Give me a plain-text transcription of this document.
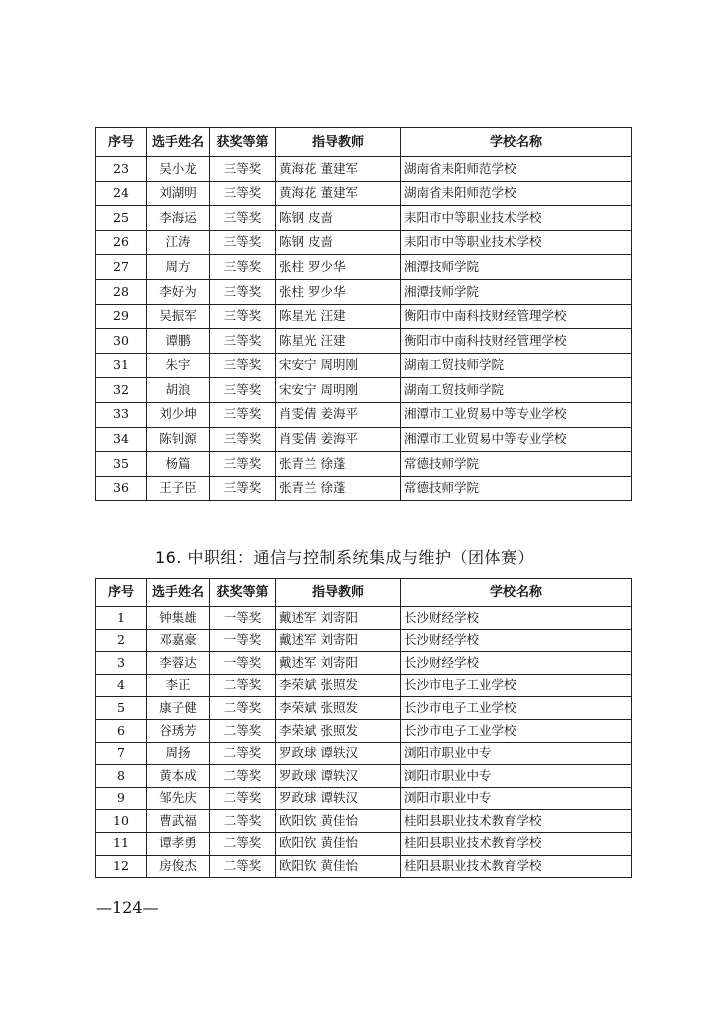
序号	选手姓名	获奖等第	指导教师	学校名称
23	吴小龙	三等奖	黄海花 董建军	湖南省耒阳师范学校
24	刘湖明	三等奖	黄海花 董建军	湖南省耒阳师范学校
25	李海运	三等奖	陈钢 皮啬	耒阳市中等职业技术学校
26	江涛	三等奖	陈钢 皮啬	耒阳市中等职业技术学校
27	周方	三等奖	张柱 罗少华	湘潭技师学院
28	李好为	三等奖	张柱 罗少华	湘潭技师学院
29	吴振军	三等奖	陈星光 汪建	衡阳市中南科技财经管理学校
30	谭鹏	三等奖	陈星光 汪建	衡阳市中南科技财经管理学校
31	朱宇	三等奖	宋安宁 周明刚	湖南工贸技师学院
32	胡浪	三等奖	宋安宁 周明刚	湖南工贸技师学院
33	刘少坤	三等奖	肖雯倩 姜海平	湘潭市工业贸易中等专业学校
34	陈钊源	三等奖	肖雯倩 姜海平	湘潭市工业贸易中等专业学校
35	杨篇	三等奖	张青兰 徐蓬	常德技师学院
36	王子臣	三等奖	张青兰 徐蓬	常德技师学院
16. 中职组：通信与控制系统集成与维护（团体赛）
序号	选手姓名	获奖等第	指导教师	学校名称
1	钟集雄	一等奖	戴述军 刘寄阳	长沙财经学校
2	邓嘉豪	一等奖	戴述军 刘寄阳	长沙财经学校
3	李蓉达	一等奖	戴述军 刘寄阳	长沙财经学校
4	李正	二等奖	李荣斌 张照发	长沙市电子工业学校
5	康子健	二等奖	李荣斌 张照发	长沙市电子工业学校
6	谷琇芳	二等奖	李荣斌 张照发	长沙市电子工业学校
7	周扬	二等奖	罗政球 谭轶汉	浏阳市职业中专
8	黄本成	二等奖	罗政球 谭轶汉	浏阳市职业中专
9	邹先庆	二等奖	罗政球 谭轶汉	浏阳市职业中专
10	曹武福	二等奖	欧阳钦 黄佳怡	桂阳县职业技术教育学校
11	谭孝勇	二等奖	欧阳钦 黄佳怡	桂阳县职业技术教育学校
12	房俊杰	二等奖	欧阳钦 黄佳怡	桂阳县职业技术教育学校
—124—
